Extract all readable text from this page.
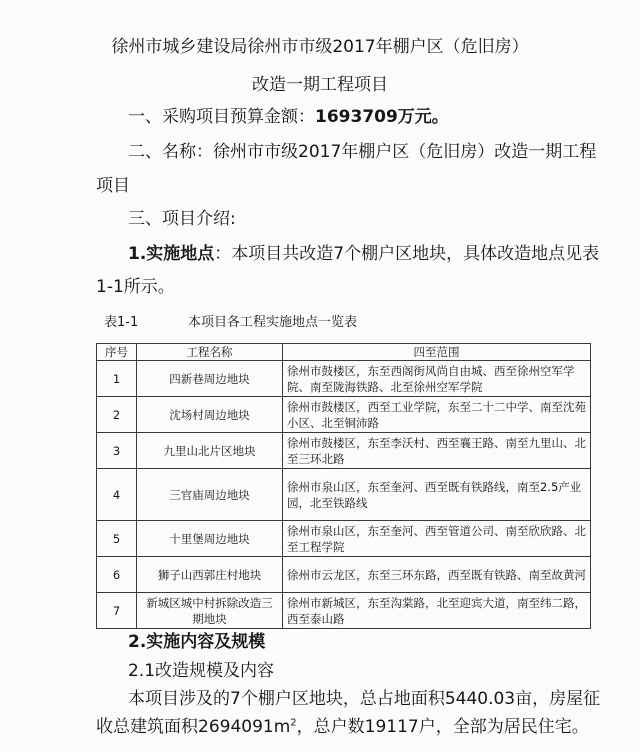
徐州市城乡建设局徐州市市级2017年棚户区（危旧房）
改造一期工程项目
一、采购项目预算金额：1693709万元。
二、名称：徐州市市级2017年棚户区（危旧房）改造一期工程
项目
三、项目介绍:
1.实施地点：本项目共改造7个棚户区地块，具体改造地点见表
1-1所示。
表1-1	本项目各工程实施地点一览表
序号	工程名称	四至范围
1	四新巷周边地块	徐州市鼓楼区，东至西阁街风尚自由城、西至徐州空军学院、南至陇海铁路、北至徐州空军学院
2	沈场村周边地块	徐州市鼓楼区，西至工业学院，东至二十二中学、南至沈苑小区、北至铜沛路
3	九里山北片区地块	徐州市鼓楼区，东至李沃村、西至襄王路、南至九里山、北至三环北路
4	三官庙周边地块	徐州市泉山区，东至奎河、西至既有铁路线，南至2.5产业园，北至铁路线
5	十里堡周边地块	徐州市泉山区，东至奎河、西至管道公司、南至欣欣路、北至工程学院
6	狮子山西郭庄村地块	徐州市云龙区，东至三环东路，西至既有铁路、南至故黄河
7	新城区城中村拆除改造三期地块	徐州市新城区，东至沟棠路，北至迎宾大道，南至纬二路，西至泰山路
2.实施内容及规模
2.1改造规模及内容
本项目涉及的7个棚户区地块，总占地面积5440.03亩，房屋征
收总建筑面积$2694091m^2$，总户数19117户，全部为居民住宅。
